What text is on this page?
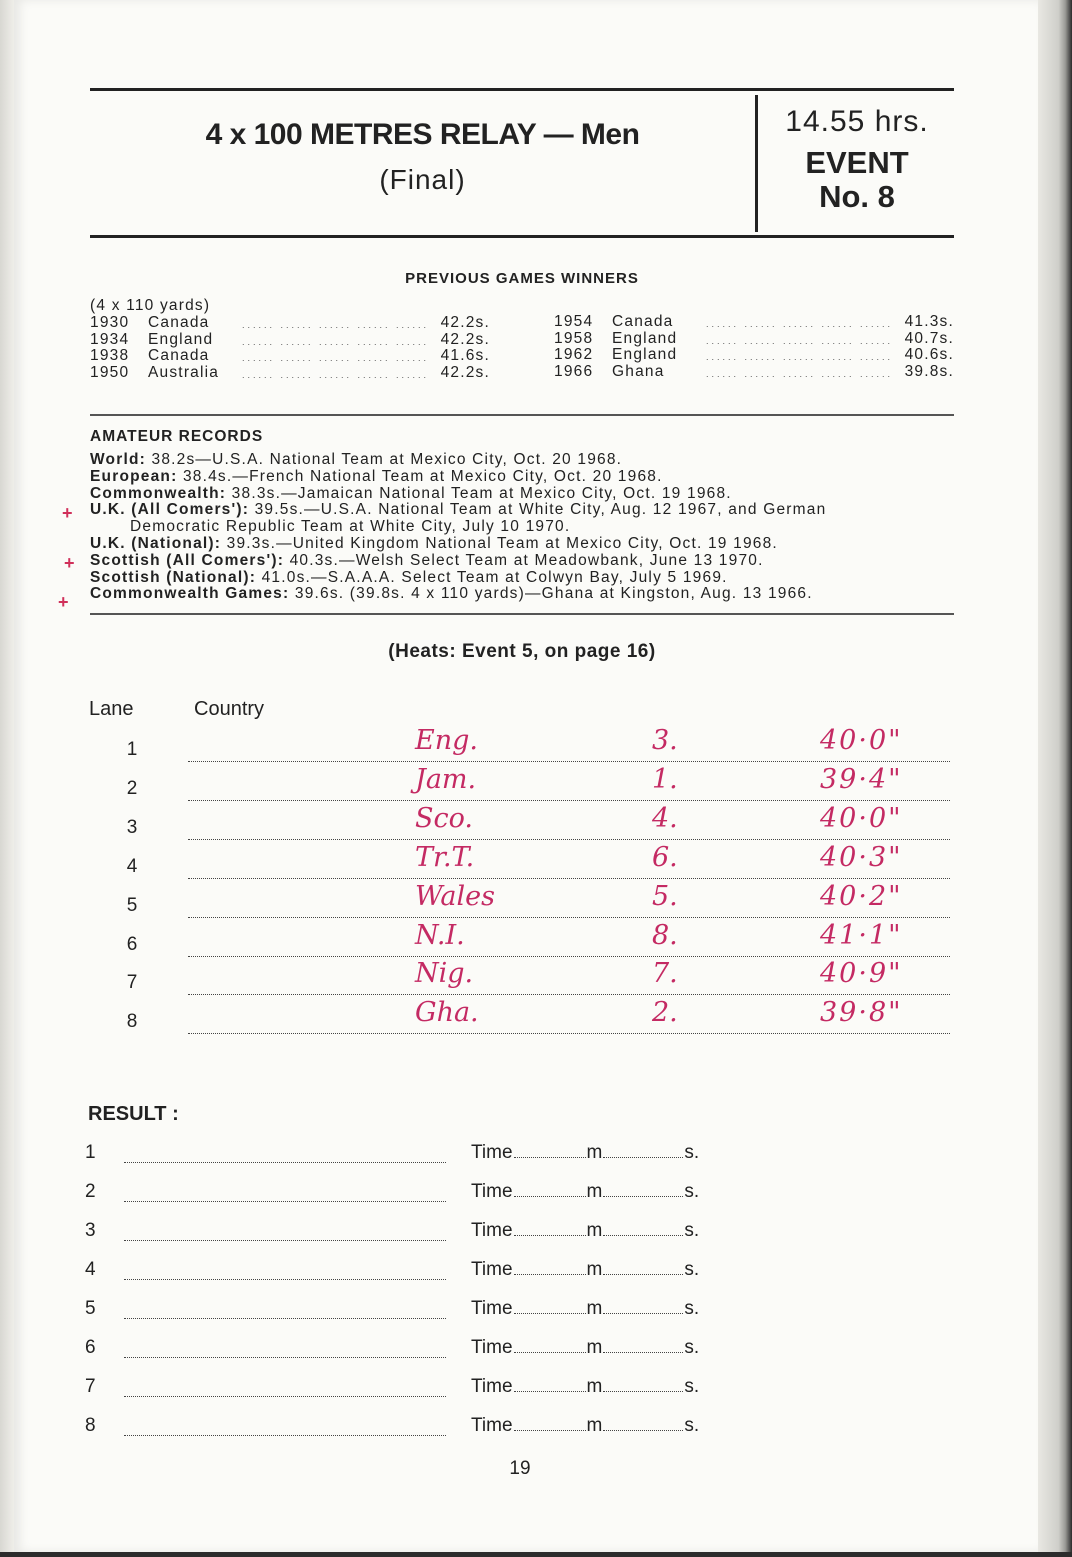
4 x 100 METRES RELAY — Men
(Final)
14.55 hrs.
EVENT
No. 8
PREVIOUS GAMES WINNERS
(4 x 110 yards)
1930 Canada	...... ...... ...... ...... ...... 42.2s.
1934 England	...... ...... ...... ...... ...... 42.2s.
1938 Canada	...... ...... ...... ...... ...... 41.6s.
1950 Australia	...... ...... ...... ...... ...... 42.2s.
1954 Canada	...... ...... ...... ...... ...... 41.3s.
1958 England	...... ...... ...... ...... ...... 40.7s.
1962 England	...... ...... ...... ...... ...... 40.6s.
1966 Ghana	...... ...... ...... ...... ...... 39.8s.
AMATEUR RECORDS
World: 38.2s—U.S.A. National Team at Mexico City, Oct. 20 1968.
European: 38.4s.—French National Team at Mexico City, Oct. 20 1968.
Commonwealth: 38.3s.—Jamaican National Team at Mexico City, Oct. 19 1968.
U.K. (All Comers'): 39.5s.—U.S.A. National Team at White City, Aug. 12 1967, and German
Democratic Republic Team at White City, July 10 1970.
U.K. (National): 39.3s.—United Kingdom National Team at Mexico City, Oct. 19 1968.
Scottish (All Comers'): 40.3s.—Welsh Select Team at Meadowbank, June 13 1970.
Scottish (National): 41.0s.—S.A.A.A. Select Team at Colwyn Bay, July 5 1969.
Commonwealth Games: 39.6s. (39.8s. 4 x 110 yards)—Ghana at Kingston, Aug. 13 1966.
+
+
+
(Heats: Event 5, on page 16)
Lane	Country
1	Eng.	3.	40·0"
2	Jam.	1.	39·4"
3	Sco.	4.	40·0"
4	Tr.T.	6.	40·3"
5	Wales	5.	40·2"
6	N.I.	8.	41·1"
7	Nig.	7.	40·9"
8	Gha.	2.	39·8"
RESULT :
1	Time	m	s.
2	Time	m	s.
3	Time	m	s.
4	Time	m	s.
5	Time	m	s.
6	Time	m	s.
7	Time	m	s.
8	Time	m	s.
19
